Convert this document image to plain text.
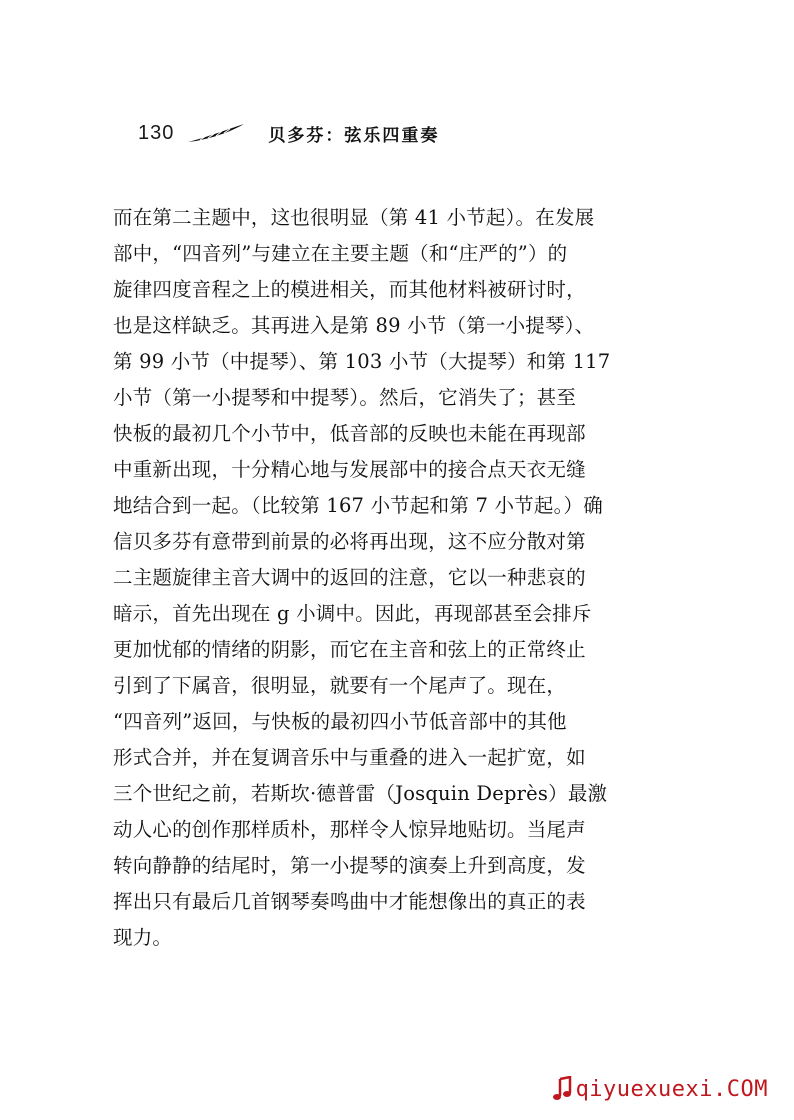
130	贝多芬：弦乐四重奏
而在第二主题中，这也很明显（第 41 小节起）。在发展
部中，“四音列”与建立在主要主题（和“庄严的”）的
旋律四度音程之上的模进相关，而其他材料被研讨时，
也是这样缺乏。其再进入是第 89 小节（第一小提琴）、
第 99 小节（中提琴）、第 103 小节（大提琴）和第 117
小节（第一小提琴和中提琴）。然后，它消失了；甚至
快板的最初几个小节中，低音部的反映也未能在再现部
中重新出现，十分精心地与发展部中的接合点天衣无缝
地结合到一起。（比较第 167 小节起和第 7 小节起。）确
信贝多芬有意带到前景的必将再出现，这不应分散对第
二主题旋律主音大调中的返回的注意，它以一种悲哀的
暗示，首先出现在 g 小调中。因此，再现部甚至会排斥
更加忧郁的情绪的阴影，而它在主音和弦上的正常终止
引到了下属音，很明显，就要有一个尾声了。现在，
“四音列”返回，与快板的最初四小节低音部中的其他
形式合并，并在复调音乐中与重叠的进入一起扩宽，如
三个世纪之前，若斯坎·德普雷（Josquin Deprès）最激
动人心的创作那样质朴，那样令人惊异地贴切。当尾声
转向静静的结尾时，第一小提琴的演奏上升到高度，发
挥出只有最后几首钢琴奏鸣曲中才能想像出的真正的表
现力。
qiyuexuexi.COM
